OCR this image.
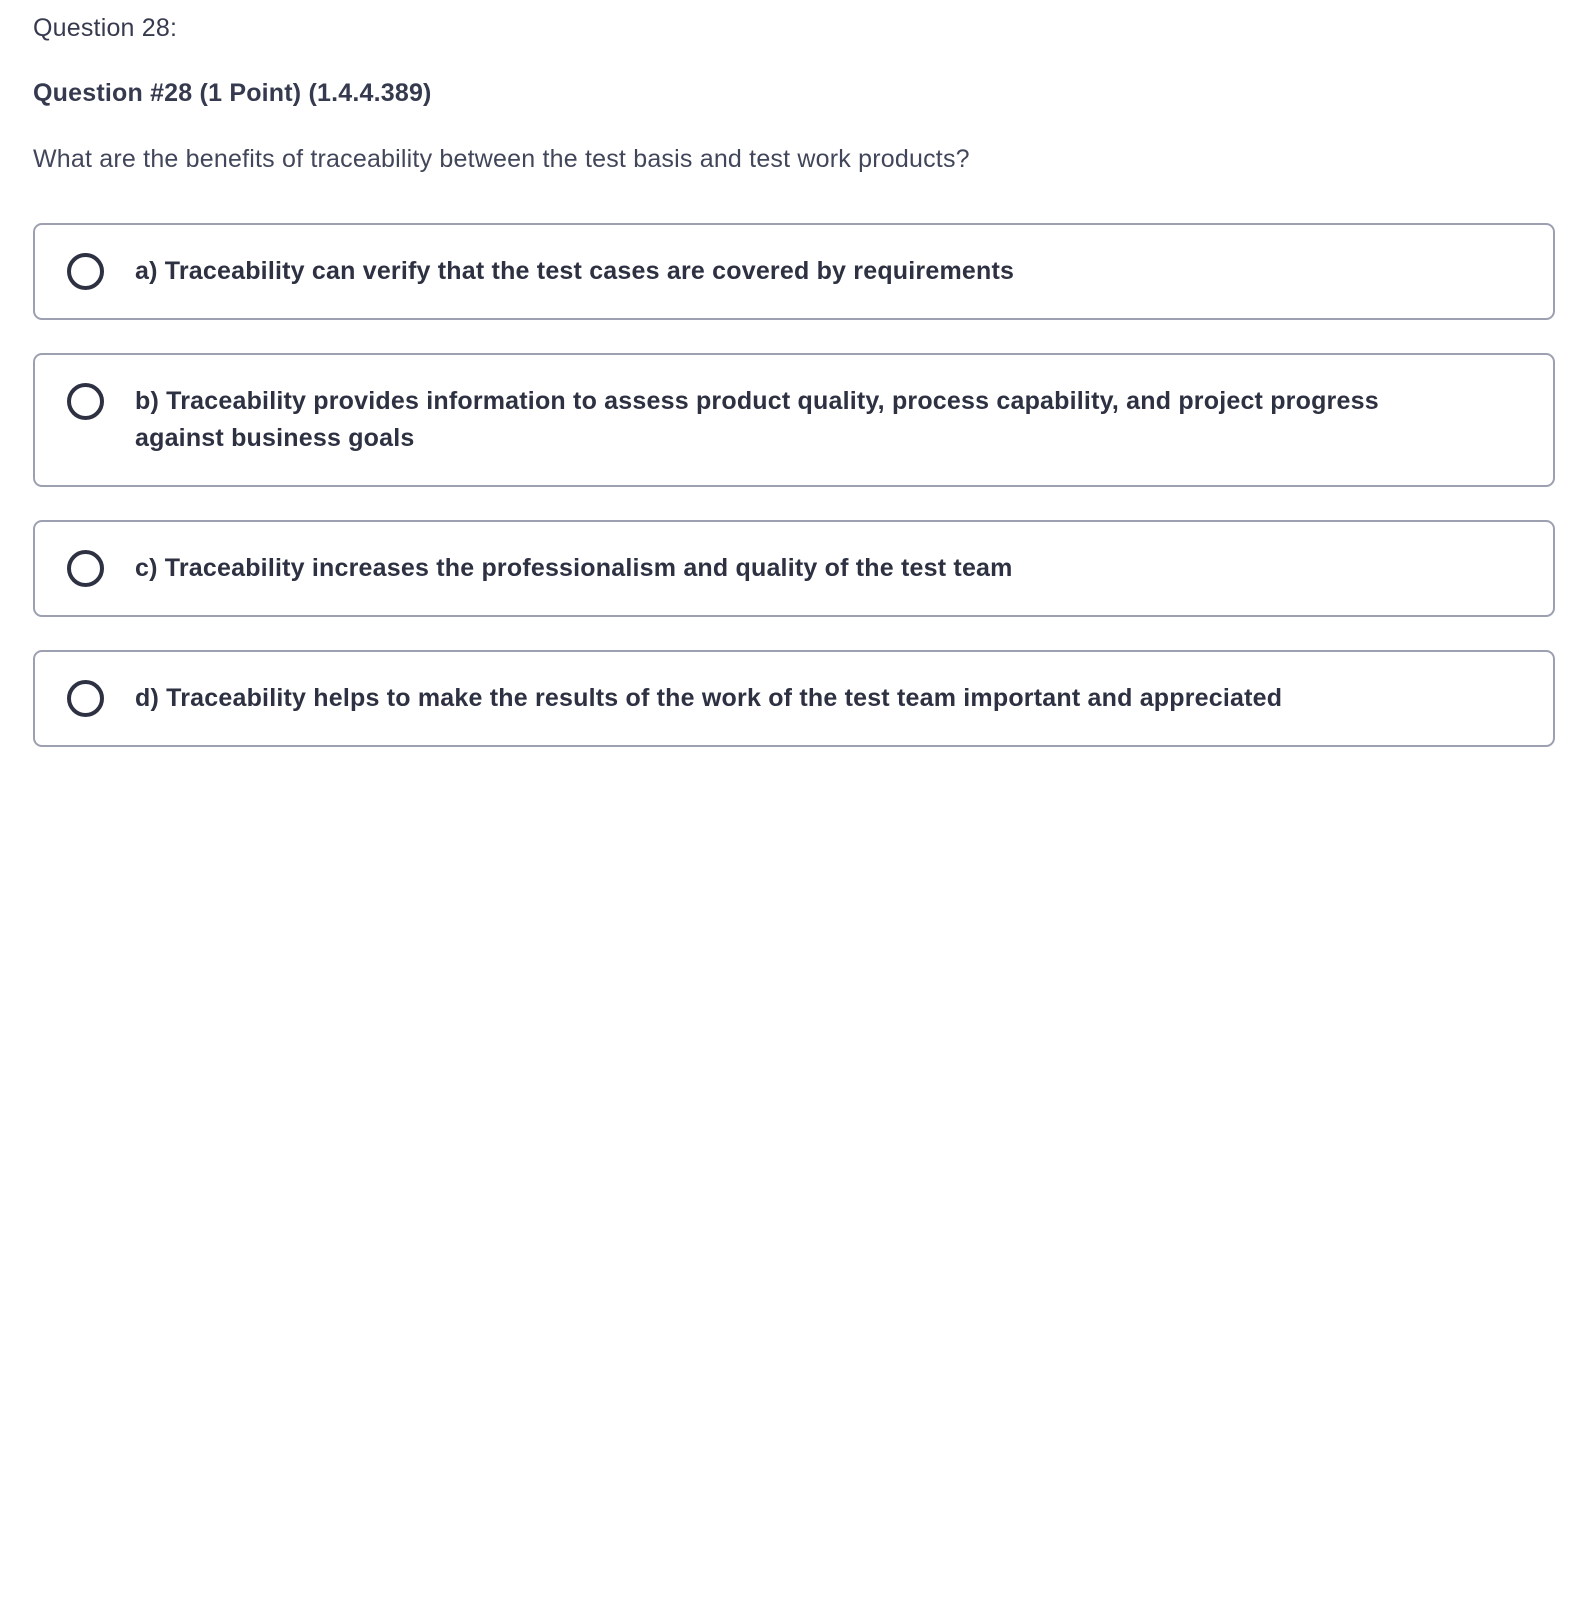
Question 28:

Question #28 (1 Point) (1.4.4.389)

What are the benefits of traceability between the test basis and test work products?

a) Traceability can verify that the test cases are covered by requirements
b) Traceability provides information to assess product quality, process capability, and project progress against business goals
c) Traceability increases the professionalism and quality of the test team
d) Traceability helps to make the results of the work of the test team important and appreciated
